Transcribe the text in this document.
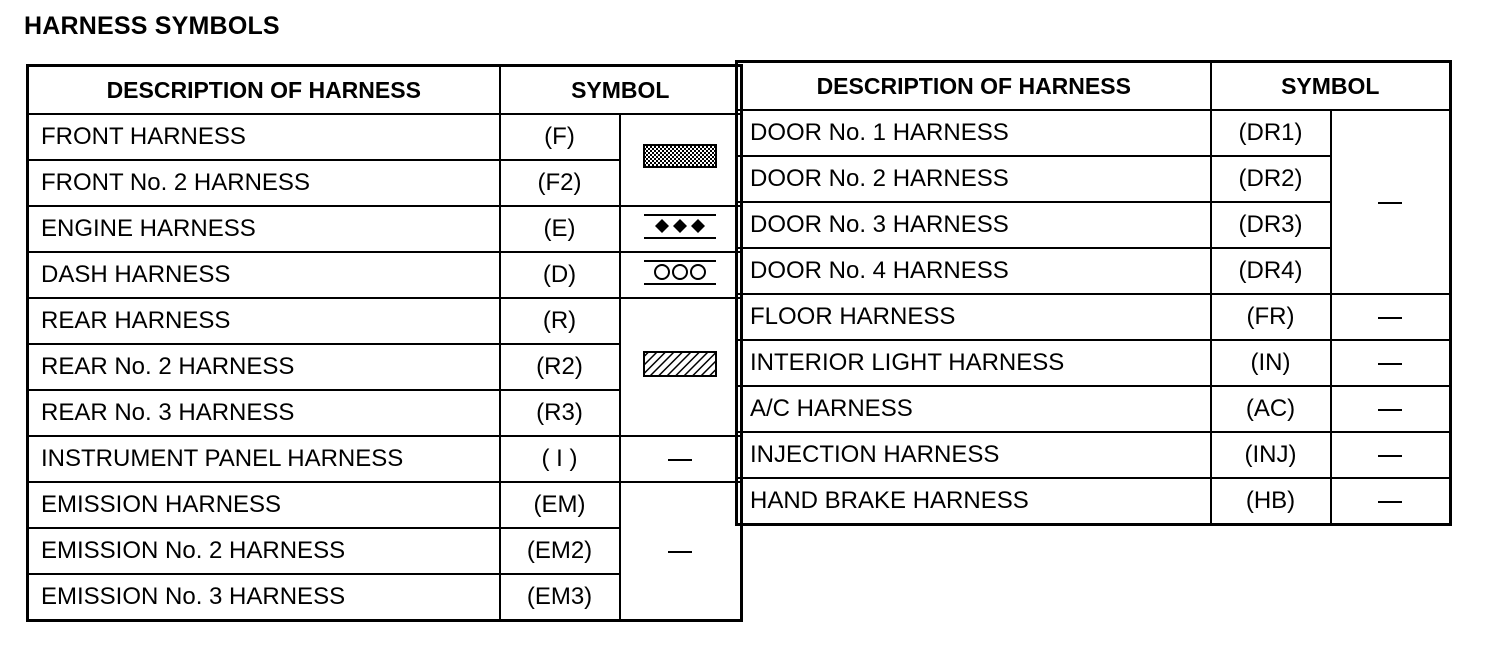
HARNESS SYMBOLS
DESCRIPTION OF HARNESS	SYMBOL	
FRONT HARNESS	(F)	
FRONT No. 2 HARNESS	(F2)	
ENGINE HARNESS	(E)	
DASH HARNESS	(D)	
REAR HARNESS	(R)	
REAR No. 2 HARNESS	(R2)	
REAR No. 3 HARNESS	(R3)	
INSTRUMENT PANEL HARNESS	( I )	
EMISSION HARNESS	(EM)	
EMISSION No. 2 HARNESS	(EM2)	
EMISSION No. 3 HARNESS	(EM3)	
DESCRIPTION OF HARNESS	SYMBOL	
DOOR No. 1 HARNESS	(DR1)	
DOOR No. 2 HARNESS	(DR2)	
DOOR No. 3 HARNESS	(DR3)	
DOOR No. 4 HARNESS	(DR4)	
FLOOR HARNESS	(FR)	
INTERIOR LIGHT HARNESS	(IN)	
A/C HARNESS	(AC)	
INJECTION HARNESS	(INJ)	
HAND BRAKE HARNESS	(HB)	
